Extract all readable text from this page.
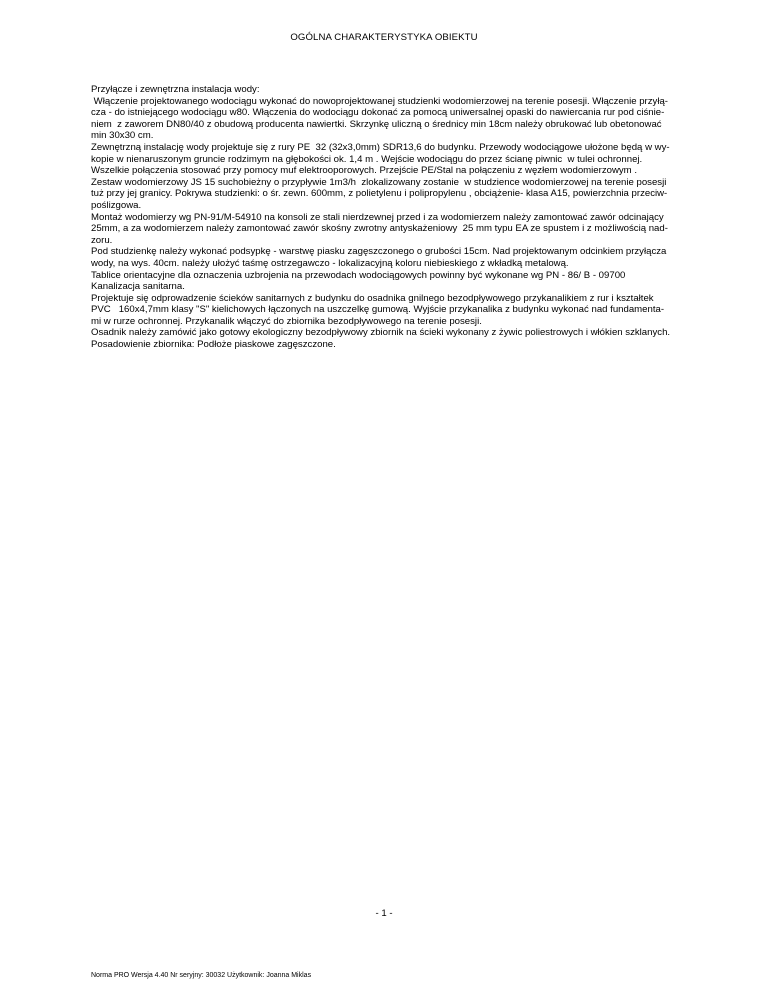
OGÓLNA CHARAKTERYSTYKA OBIEKTU
Przyłącze i zewnętrzna instalacja wody:
Włączenie projektowanego wodociągu wykonać do nowoprojektowanej studzienki wodomierzowej na terenie posesji. Włączenie przyłą-
cza - do istniejącego wodociągu w80. Włączenia do wodociągu dokonać za pomocą uniwersalnej opaski do nawiercania rur pod ciśnie-
niem  z zaworem DN80/40 z obudową producenta nawiertki. Skrzynkę uliczną o średnicy min 18cm należy obrukować lub obetonować
min 30x30 cm.
Zewnętrzną instalację wody projektuje się z rury PE  32 (32x3,0mm) SDR13,6 do budynku. Przewody wodociągowe ułożone będą w wy-
kopie w nienaruszonym gruncie rodzimym na głębokości ok. 1,4 m . Wejście wodociągu do przez ścianę piwnic  w tulei ochronnej.
Wszelkie połączenia stosować przy pomocy muf elektrooporowych. Przejście PE/Stal na połączeniu z węzłem wodomierzowym .
Zestaw wodomierzowy JS 15 suchobieżny o przypływie 1m3/h  zlokalizowany zostanie  w studzience wodomierzowej na terenie posesji
tuż przy jej granicy. Pokrywa studzienki: o śr. zewn. 600mm, z polietylenu i polipropylenu , obciążenie- klasa A15, powierzchnia przeciw-
poślizgowa.
Montaż wodomierzy wg PN-91/M-54910 na konsoli ze stali nierdzewnej przed i za wodomierzem należy zamontować zawór odcinający
25mm, a za wodomierzem należy zamontować zawór skośny zwrotny antyskażeniowy  25 mm typu EA ze spustem i z możliwością nad-
zoru.
Pod studzienkę należy wykonać podsypkę - warstwę piasku zagęszczonego o grubości 15cm. Nad projektowanym odcinkiem przyłącza
wody, na wys. 40cm. należy ułożyć taśmę ostrzegawczo - lokalizacyjną koloru niebieskiego z wkładką metalową.
Tablice orientacyjne dla oznaczenia uzbrojenia na przewodach wodociągowych powinny być wykonane wg PN - 86/ B - 09700
Kanalizacja sanitarna.
Projektuje się odprowadzenie ścieków sanitarnych z budynku do osadnika gnilnego bezodpływowego przykanalikiem z rur i kształtek
PVC   160x4,7mm klasy "S" kielichowych łączonych na uszczelkę gumową. Wyjście przykanalika z budynku wykonać nad fundamenta-
mi w rurze ochronnej. Przykanalik włączyć do zbiornika bezodpływowego na terenie posesji.
Osadnik należy zamówić jako gotowy ekologiczny bezodpływowy zbiornik na ścieki wykonany z żywic poliestrowych i włókien szklanych.
Posadowienie zbiornika: Podłoże piaskowe zagęszczone.
- 1 -
Norma PRO Wersja 4.40 Nr seryjny: 30032 Użytkownik: Joanna Miklas
